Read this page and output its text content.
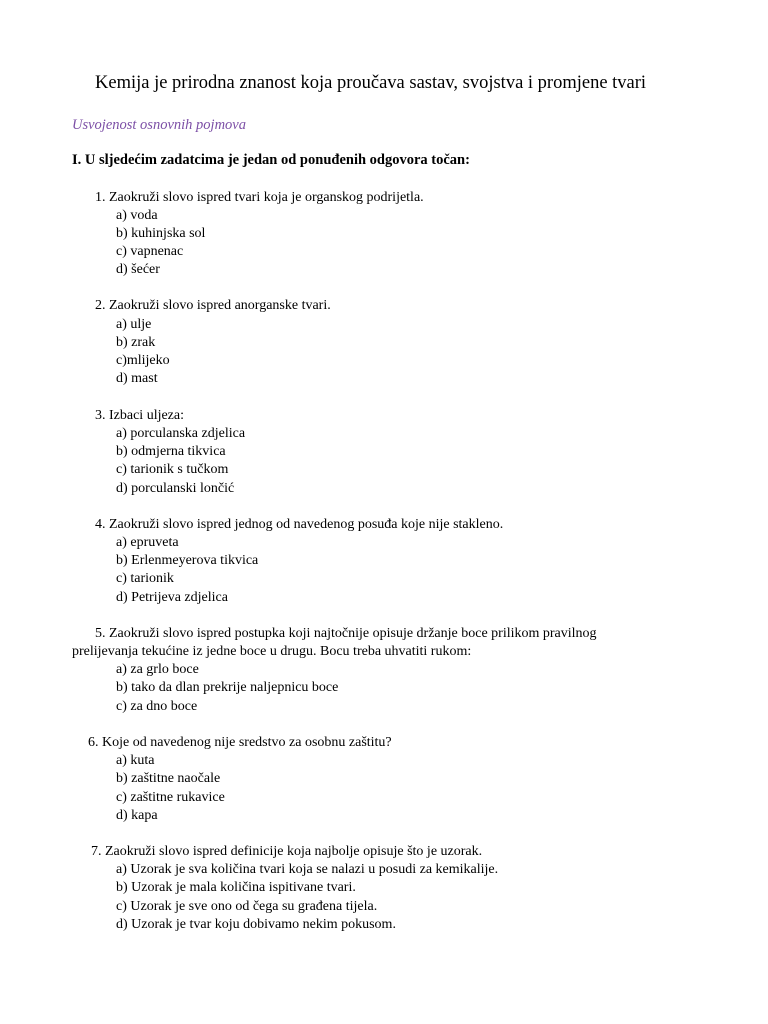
Kemija je prirodna znanost koja proučava sastav, svojstva i promjene tvari
Usvojenost osnovnih pojmova
I. U sljedećim zadatcima je jedan od ponuđenih odgovora točan:
1. Zaokruži slovo ispred tvari koja je organskog podrijetla.
a) voda
b) kuhinjska sol
c) vapnenac
d) šećer
2. Zaokruži slovo ispred anorganske tvari.
a) ulje
b) zrak
c)mlijeko
d) mast
3. Izbaci uljeza:
a) porculanska zdjelica
b) odmjerna tikvica
c) tarionik s tučkom
d) porculanski lončić
4. Zaokruži slovo ispred jednog od navedenog posuđa koje nije stakleno.
a) epruveta
b) Erlenmeyerova tikvica
c) tarionik
d) Petrijeva zdjelica
5. Zaokruži slovo ispred postupka koji najtočnije opisuje držanje boce prilikom pravilnog
prelijevanja tekućine iz jedne boce u drugu. Bocu treba uhvatiti rukom:
a) za grlo boce
b) tako da dlan prekrije naljepnicu boce
c) za dno boce
6. Koje od navedenog nije sredstvo za osobnu zaštitu?
a) kuta
b) zaštitne naočale
c) zaštitne rukavice
d) kapa
7. Zaokruži slovo ispred definicije koja najbolje opisuje što je uzorak.
a) Uzorak je sva količina tvari koja se nalazi u posudi za kemikalije.
b) Uzorak je mala količina ispitivane tvari.
c) Uzorak je sve ono od čega su građena tijela.
d) Uzorak je tvar koju dobivamo nekim pokusom.
